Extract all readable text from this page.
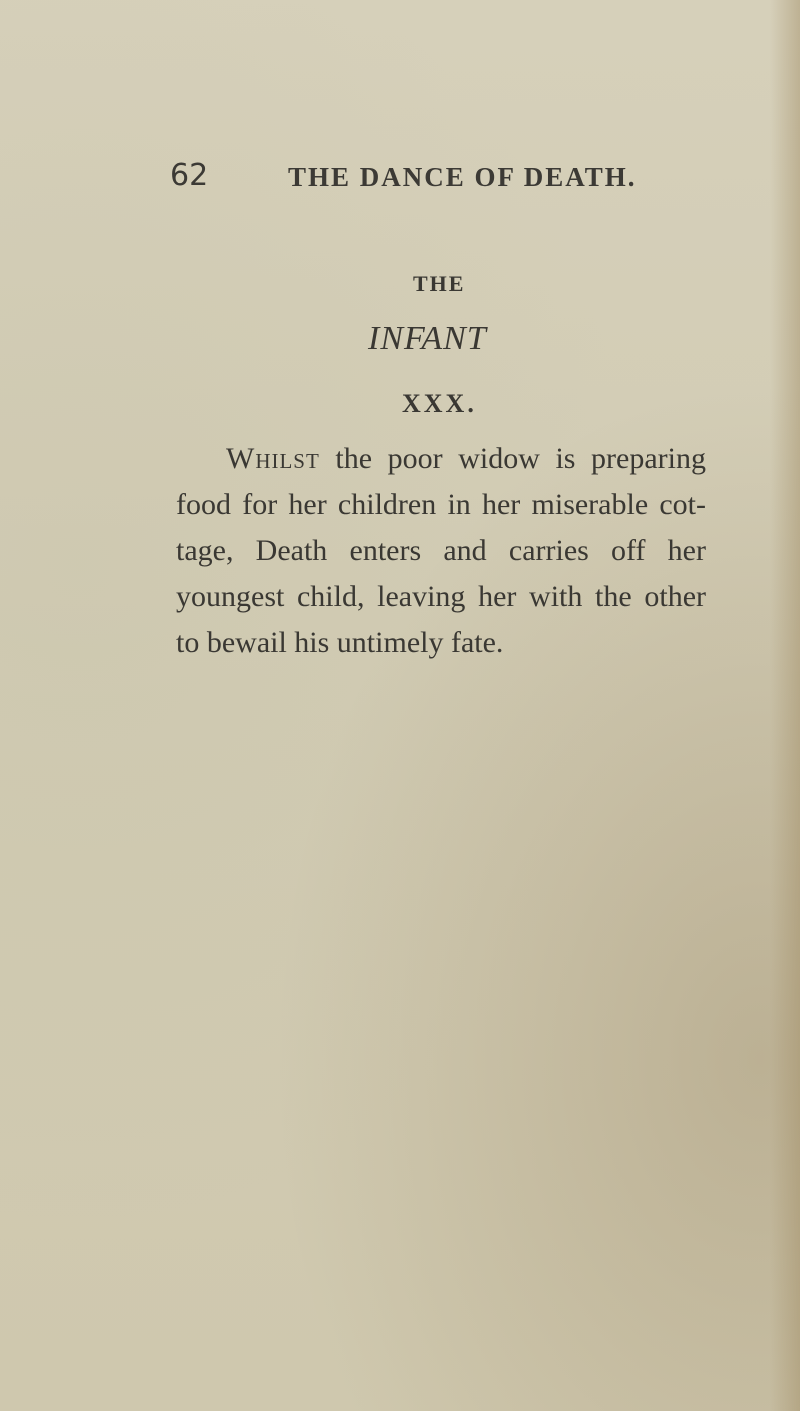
62	THE DANCE OF DEATH.
THE
INFANT
XXX.
Whilst the poor widow is preparing
food for her children in her miserable cot-
tage, Death enters and carries off her
youngest child, leaving her with the other
to bewail his untimely fate.
